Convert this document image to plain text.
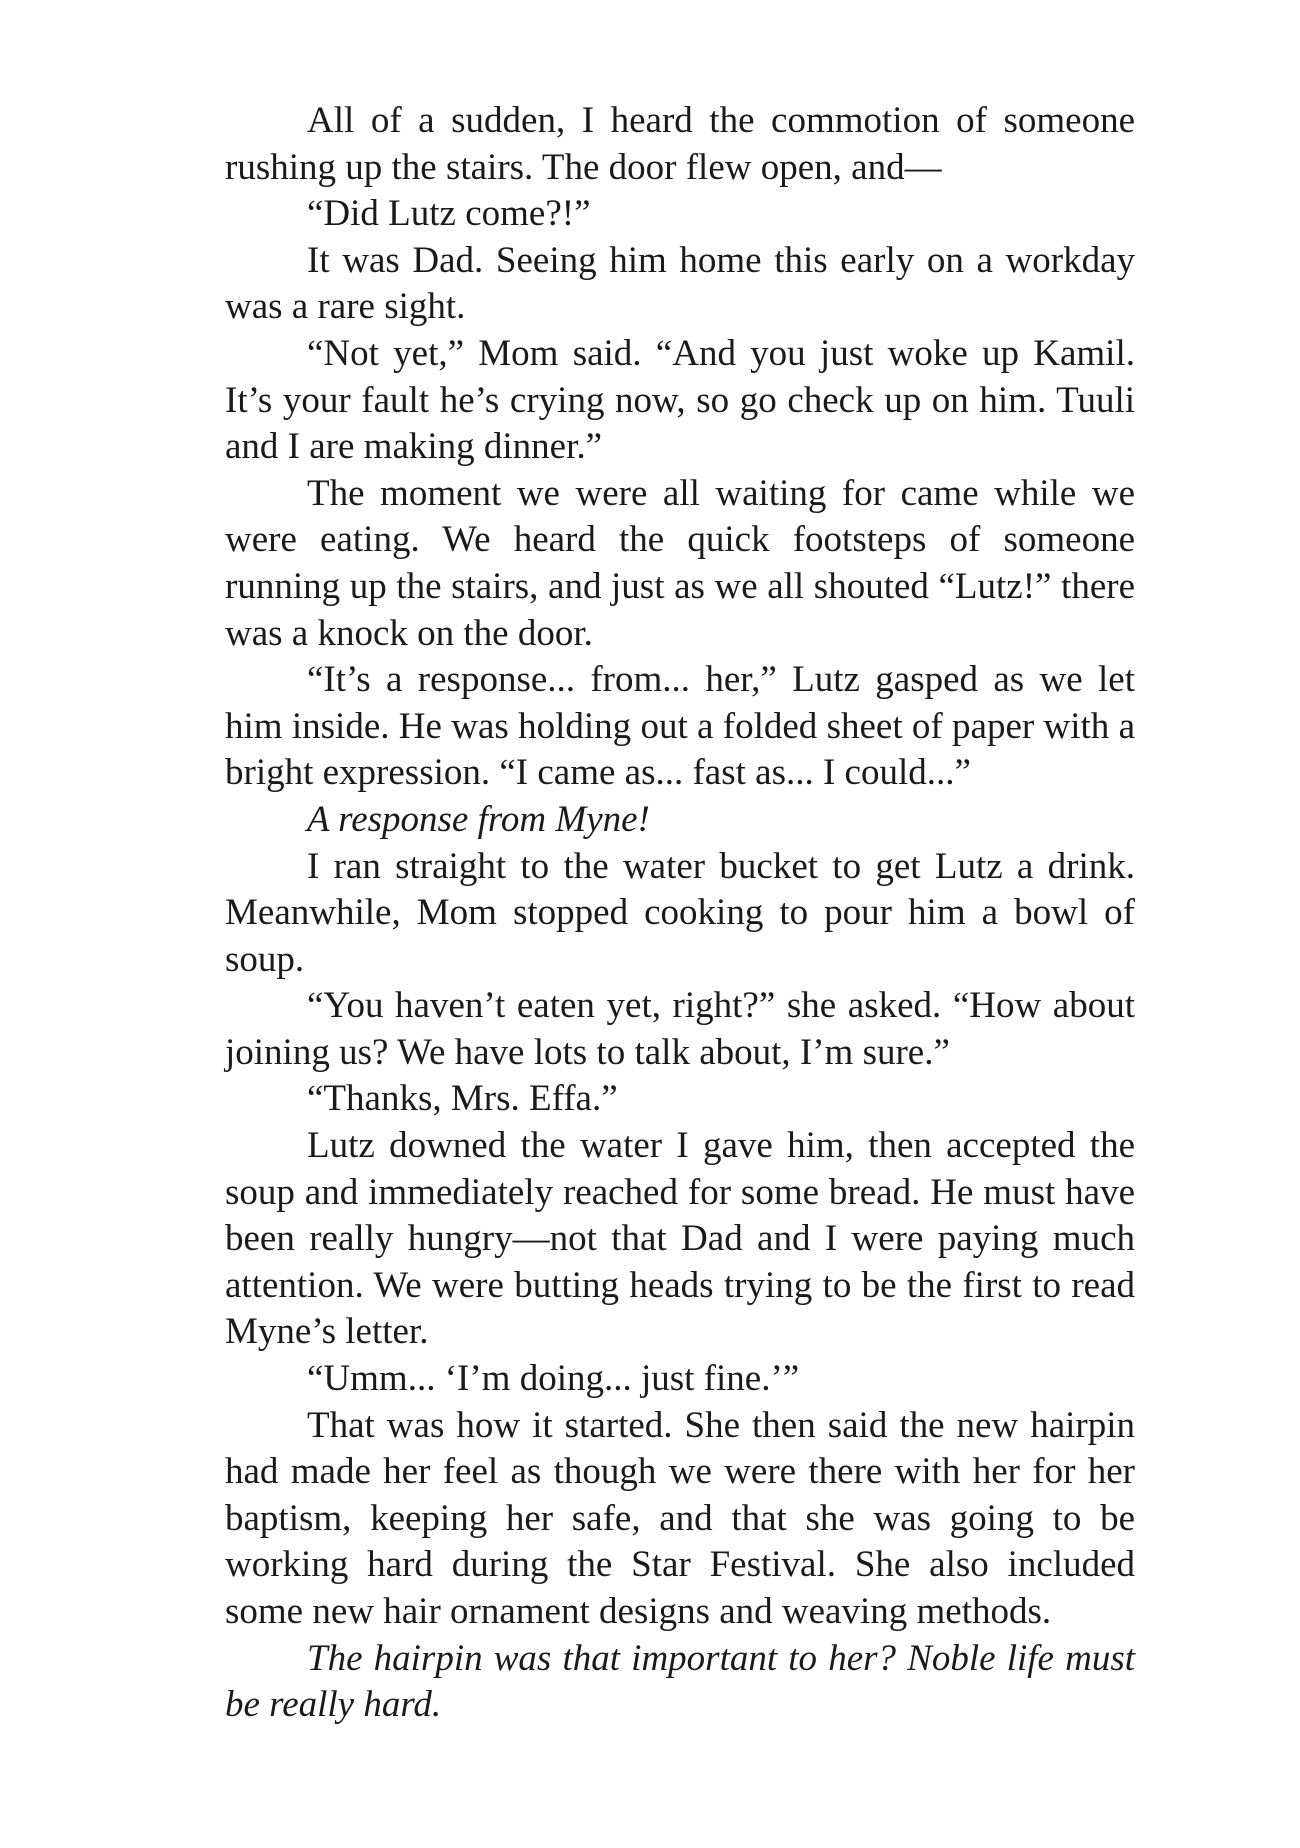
All of a sudden, I heard the commotion of someone rushing up the stairs. The door flew open, and—

“Did Lutz come?!”

It was Dad. Seeing him home this early on a workday was a rare sight.

“Not yet,” Mom said. “And you just woke up Kamil. It’s your fault he’s crying now, so go check up on him. Tuuli and I are making dinner.”

The moment we were all waiting for came while we were eating. We heard the quick footsteps of someone running up the stairs, and just as we all shouted “Lutz!” there was a knock on the door.

“It’s a response... from... her,” Lutz gasped as we let him inside. He was holding out a folded sheet of paper with a bright expression. “I came as... fast as... I could...”

A response from Myne!

I ran straight to the water bucket to get Lutz a drink. Meanwhile, Mom stopped cooking to pour him a bowl of soup.

“You haven’t eaten yet, right?” she asked. “How about joining us? We have lots to talk about, I’m sure.”

“Thanks, Mrs. Effa.”

Lutz downed the water I gave him, then accepted the soup and immediately reached for some bread. He must have been really hungry—not that Dad and I were paying much attention. We were butting heads trying to be the first to read Myne’s letter.

“Umm... ‘I’m doing... just fine.’”

That was how it started. She then said the new hairpin had made her feel as though we were there with her for her baptism, keeping her safe, and that she was going to be working hard during the Star Festival. She also included some new hair ornament designs and weaving methods.

The hairpin was that important to her? Noble life must be really hard.
